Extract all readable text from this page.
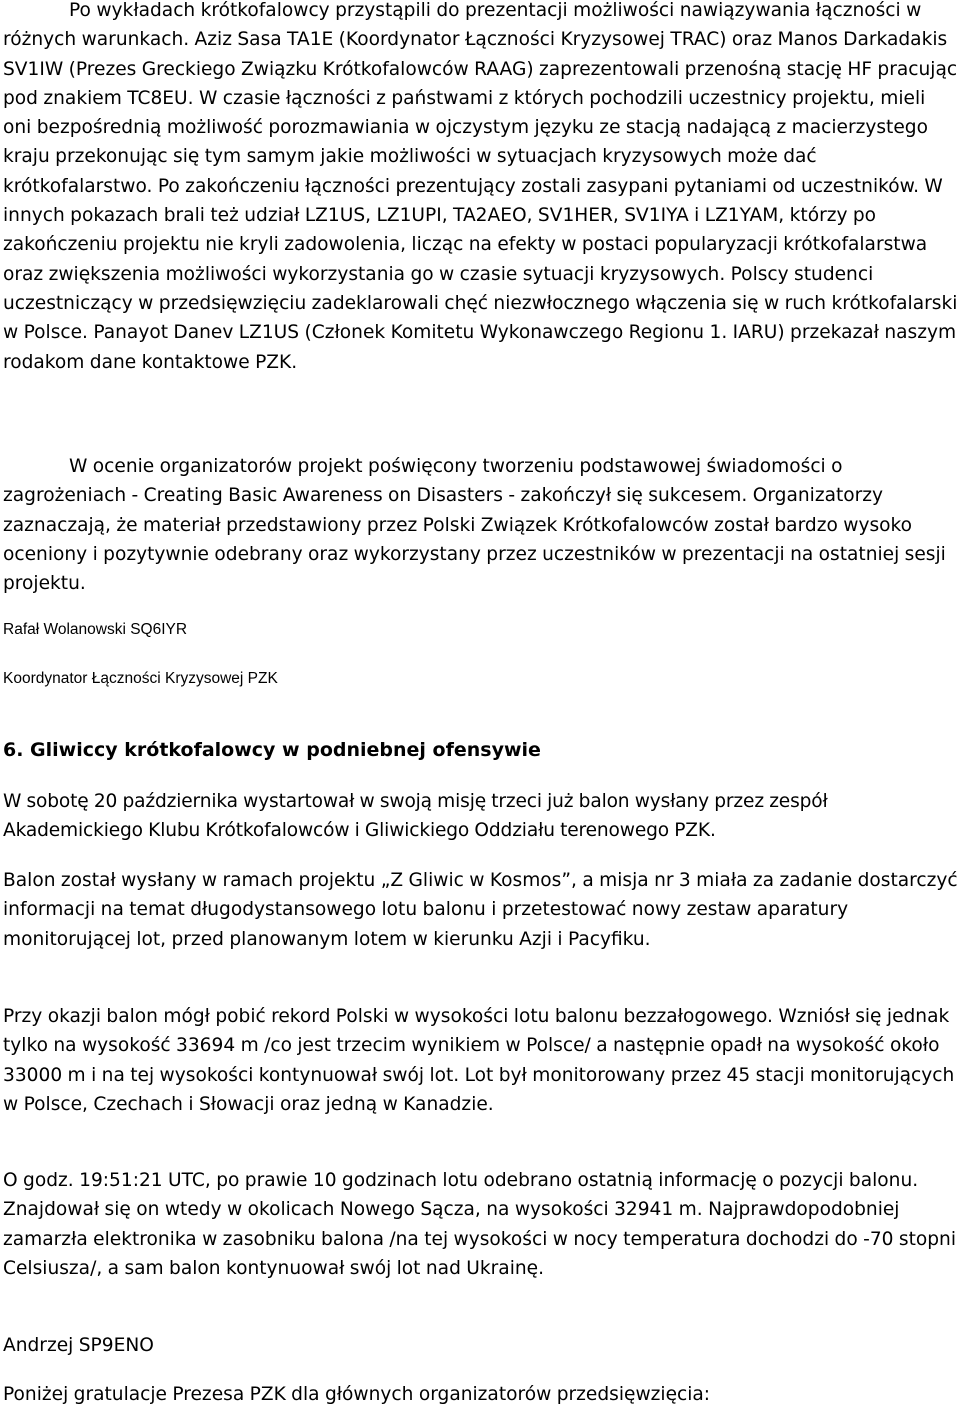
Po wykładach krótkofalowcy przystąpili do prezentacji możliwości nawiązywania łączności w różnych warunkach. Aziz Sasa TA1E (Koordynator Łączności Kryzysowej TRAC) oraz Manos Darkadakis SV1IW (Prezes Greckiego Związku Krótkofalowców RAAG) zaprezentowali przenośną stację HF pracując pod znakiem TC8EU. W czasie łączności z państwami z których pochodzili uczestnicy projektu, mieli oni bezpośrednią możliwość porozmawiania w ojczystym języku ze stacją nadającą z macierzystego kraju przekonując się tym samym jakie możliwości w sytuacjach kryzysowych może dać krótkofalarstwo. Po zakończeniu łączności prezentujący zostali zasypani pytaniami od uczestników. W innych pokazach brali też udział LZ1US, LZ1UPI, TA2AEO, SV1HER, SV1IYA i LZ1YAM, którzy po zakończeniu projektu nie kryli zadowolenia, licząc na efekty w postaci popularyzacji krótkofalarstwa oraz zwiększenia możliwości wykorzystania go w czasie sytuacji kryzysowych. Polscy studenci uczestniczący w przedsięwzięciu zadeklarowali chęć niezwłocznego włączenia się w ruch krótkofalarski w Polsce. Panayot Danev LZ1US (Członek Komitetu Wykonawczego Regionu 1. IARU) przekazał naszym rodakom dane kontaktowe PZK.

W ocenie organizatorów projekt poświęcony tworzeniu podstawowej świadomości o zagrożeniach - Creating Basic Awareness on Disasters - zakończył się sukcesem. Organizatorzy zaznaczają, że materiał przedstawiony przez Polski Związek Krótkofalowców został bardzo wysoko oceniony i pozytywnie odebrany oraz wykorzystany przez uczestników w prezentacji na ostatniej sesji projektu.

Rafał Wolanowski SQ6IYR

Koordynator Łączności Kryzysowej PZK

6. Gliwiccy krótkofalowcy w podniebnej ofensywie

W sobotę 20 października wystartował w swoją misję trzeci już balon wysłany przez zespół Akademickiego Klubu Krótkofalowców i Gliwickiego Oddziału terenowego PZK.

Balon został wysłany w ramach projektu „Z Gliwic w Kosmos”, a misja nr 3 miała za zadanie dostarczyć informacji na temat długodystansowego lotu balonu i przetestować nowy zestaw aparatury monitorującej lot, przed planowanym lotem w kierunku Azji i Pacyfiku.

Przy okazji balon mógł pobić rekord Polski w wysokości lotu balonu bezzałogowego. Wzniósł się jednak tylko na wysokość 33694 m /co jest trzecim wynikiem w Polsce/ a następnie opadł na wysokość około 33000 m i na tej wysokości kontynuował swój lot. Lot był monitorowany przez 45 stacji monitorujących w Polsce, Czechach i Słowacji oraz jedną w Kanadzie.

O godz. 19:51:21 UTC, po prawie 10 godzinach lotu odebrano ostatnią informację o pozycji balonu. Znajdował się on wtedy w okolicach Nowego Sącza, na wysokości 32941 m. Najprawdopodobniej zamarzła elektronika w zasobniku balona /na tej wysokości w nocy temperatura dochodzi do -70 stopni Celsiusza/, a sam balon kontynuował swój lot nad Ukrainę.

Andrzej SP9ENO

Poniżej gratulacje Prezesa PZK dla głównych organizatorów przedsięwzięcia:
